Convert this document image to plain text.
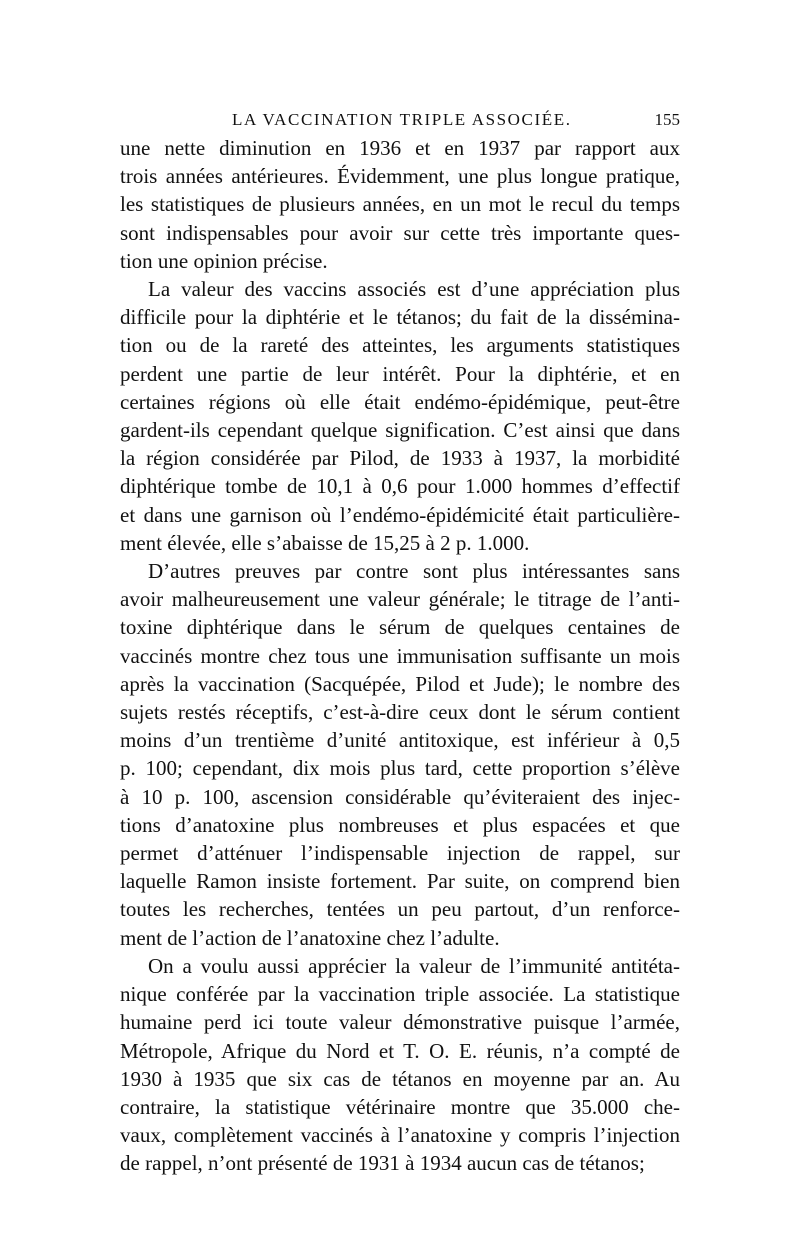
LA VACCINATION TRIPLE ASSOCIÉE.	155

une nette diminution en 1936 et en 1937 par rapport aux
trois années antérieures. Évidemment, une plus longue pratique,
les statistiques de plusieurs années, en un mot le recul du temps
sont indispensables pour avoir sur cette très importante ques-
tion une opinion précise.

La valeur des vaccins associés est d’une appréciation plus
difficile pour la diphtérie et le tétanos; du fait de la dissémina-
tion ou de la rareté des atteintes, les arguments statistiques
perdent une partie de leur intérêt. Pour la diphtérie, et en
certaines régions où elle était endémo-épidémique, peut-être
gardent-ils cependant quelque signification. C’est ainsi que dans
la région considérée par Pilod, de 1933 à 1937, la morbidité
diphtérique tombe de 10,1 à 0,6 pour 1.000 hommes d’effectif
et dans une garnison où l’endémo-épidémicité était particulière-
ment élevée, elle s’abaisse de 15,25 à 2 p. 1.000.

D’autres preuves par contre sont plus intéressantes sans
avoir malheureusement une valeur générale; le titrage de l’anti-
toxine diphtérique dans le sérum de quelques centaines de
vaccinés montre chez tous une immunisation suffisante un mois
après la vaccination (Sacquépée, Pilod et Jude); le nombre des
sujets restés réceptifs, c’est-à-dire ceux dont le sérum contient
moins d’un trentième d’unité antitoxique, est inférieur à 0,5
p. 100; cependant, dix mois plus tard, cette proportion s’élève
à 10 p. 100, ascension considérable qu’éviteraient des injec-
tions d’anatoxine plus nombreuses et plus espacées et que
permet d’atténuer l’indispensable injection de rappel, sur
laquelle Ramon insiste fortement. Par suite, on comprend bien
toutes les recherches, tentées un peu partout, d’un renforce-
ment de l’action de l’anatoxine chez l’adulte.

On a voulu aussi apprécier la valeur de l’immunité antitéta-
nique conférée par la vaccination triple associée. La statistique
humaine perd ici toute valeur démonstrative puisque l’armée,
Métropole, Afrique du Nord et T. O. E. réunis, n’a compté de
1930 à 1935 que six cas de tétanos en moyenne par an. Au
contraire, la statistique vétérinaire montre que 35.000 che-
vaux, complètement vaccinés à l’anatoxine y compris l’injection
de rappel, n’ont présenté de 1931 à 1934 aucun cas de tétanos;
